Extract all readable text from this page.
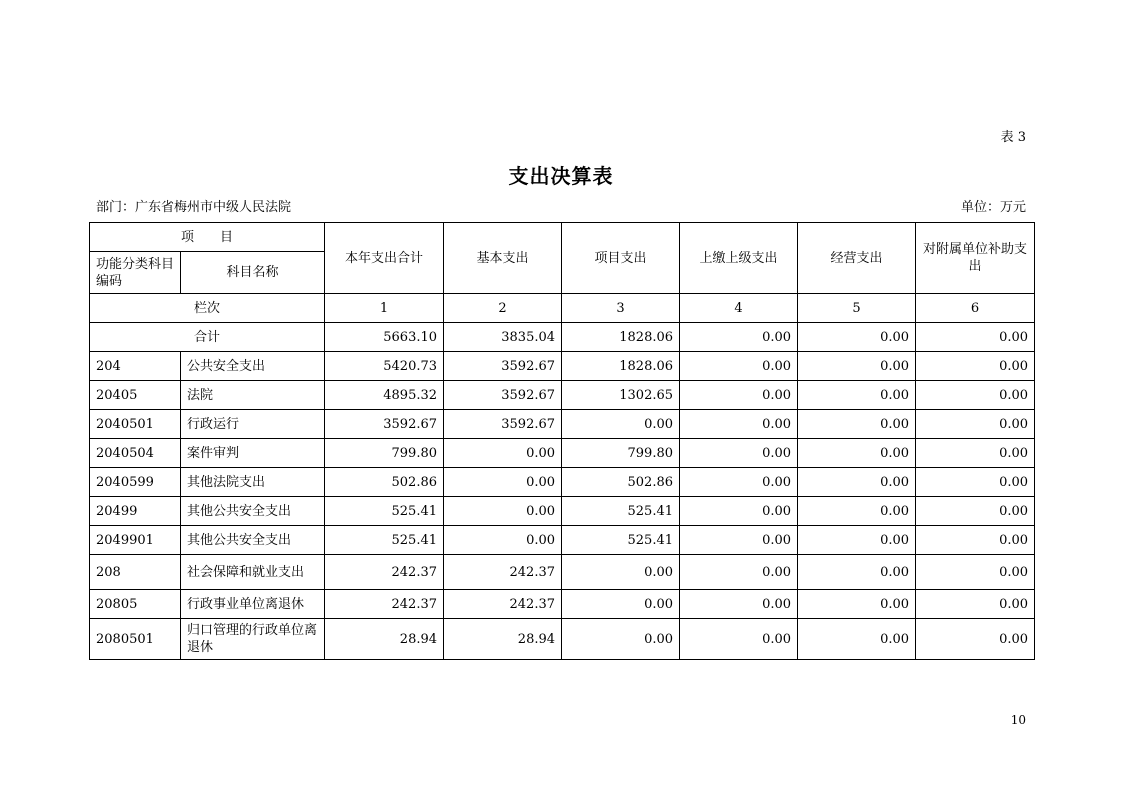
表 3
支出决算表
部门：广东省梅州市中级人民法院	单位：万元
项　　目		本年支出合计	基本支出	项目支出	上缴上级支出	经营支出	对附属单位补助支出
功能分类科目编码	科目名称						
栏次		1	2	3	4	5	6
合计		5663.10	3835.04	1828.06	0.00	0.00	0.00
204	公共安全支出	5420.73	3592.67	1828.06	0.00	0.00	0.00
20405	法院	4895.32	3592.67	1302.65	0.00	0.00	0.00
2040501	行政运行	3592.67	3592.67	0.00	0.00	0.00	0.00
2040504	案件审判	799.80	0.00	799.80	0.00	0.00	0.00
2040599	其他法院支出	502.86	0.00	502.86	0.00	0.00	0.00
20499	其他公共安全支出	525.41	0.00	525.41	0.00	0.00	0.00
2049901	其他公共安全支出	525.41	0.00	525.41	0.00	0.00	0.00
208	社会保障和就业支出	242.37	242.37	0.00	0.00	0.00	0.00
20805	行政事业单位离退休	242.37	242.37	0.00	0.00	0.00	0.00
2080501	归口管理的行政单位离退休	28.94	28.94	0.00	0.00	0.00	0.00
10
